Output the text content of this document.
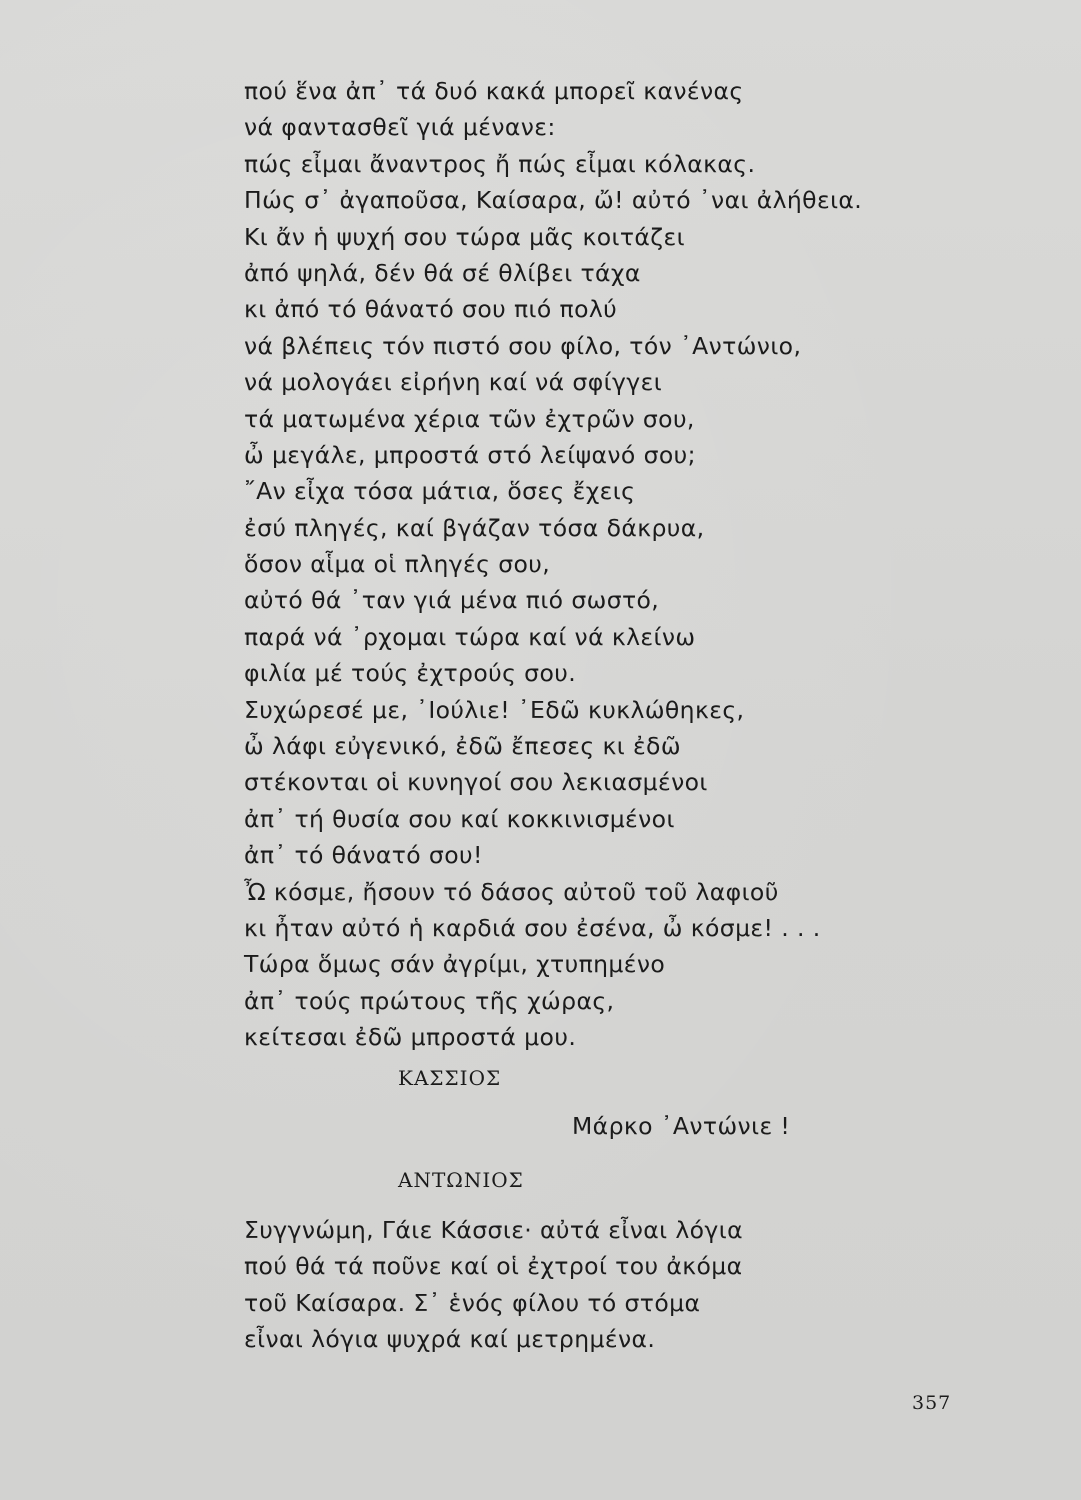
πού ἕνα ἀπ᾽ τά δυό κακά μπορεῖ κανένας
νά φαντασθεῖ γιά μένανε:
πώς εἶμαι ἄναντρος ἤ πώς εἶμαι κόλακας.
Πώς σ᾽ ἀγαποῦσα, Καίσαρα, ὤ! αὐτό ᾽ναι ἀλήθεια.
Κι ἄν ἡ ψυχή σου τώρα μᾶς κοιτάζει
ἀπό ψηλά, δέν θά σέ θλίβει τάχα
κι ἀπό τό θάνατό σου πιό πολύ
νά βλέπεις τόν πιστό σου φίλο, τόν ᾽Αντώνιο,
νά μολογάει εἰρήνη καί νά σφίγγει
τά ματωμένα χέρια τῶν ἐχτρῶν σου,
ὦ μεγάλε, μπροστά στό λείψανό σου;
῎Αν εἶχα τόσα μάτια, ὅσες ἔχεις
ἐσύ πληγές, καί βγάζαν τόσα δάκρυα,
ὅσον αἷμα οἱ πληγές σου,
αὐτό θά ᾽ταν γιά μένα πιό σωστό,
παρά νά ᾽ρχομαι τώρα καί νά κλείνω
φιλία μέ τούς ἐχτρούς σου.
Συχώρεσέ με, ᾽Ιούλιε! ᾽Εδῶ κυκλώθηκες,
ὦ λάφι εὐγενικό, ἐδῶ ἔπεσες κι ἐδῶ
στέκονται οἱ κυνηγοί σου λεκιασμένοι
ἀπ᾽ τή θυσία σου καί κοκκινισμένοι
ἀπ᾽ τό θάνατό σου!
Ὦ κόσμε, ἤσουν τό δάσος αὐτοῦ τοῦ λαφιοῦ
κι ἦταν αὐτό ἡ καρδιά σου ἐσένα, ὦ κόσμε! . . .
Τώρα ὅμως σάν ἀγρίμι, χτυπημένο
ἀπ᾽ τούς πρώτους τῆς χώρας,
κείτεσαι ἐδῶ μπροστά μου.
ΚΑΣΣΙΟΣ
Μάρκο ᾽Αντώνιε !
ΑΝΤΩΝΙΟΣ
Συγγνώμη, Γάιε Κάσσιε· αὐτά εἶναι λόγια
πού θά τά ποῦνε καί οἱ ἐχτροί του ἀκόμα
τοῦ Καίσαρα. Σ᾽ ἑνός φίλου τό στόμα
εἶναι λόγια ψυχρά καί μετρημένα.
357
